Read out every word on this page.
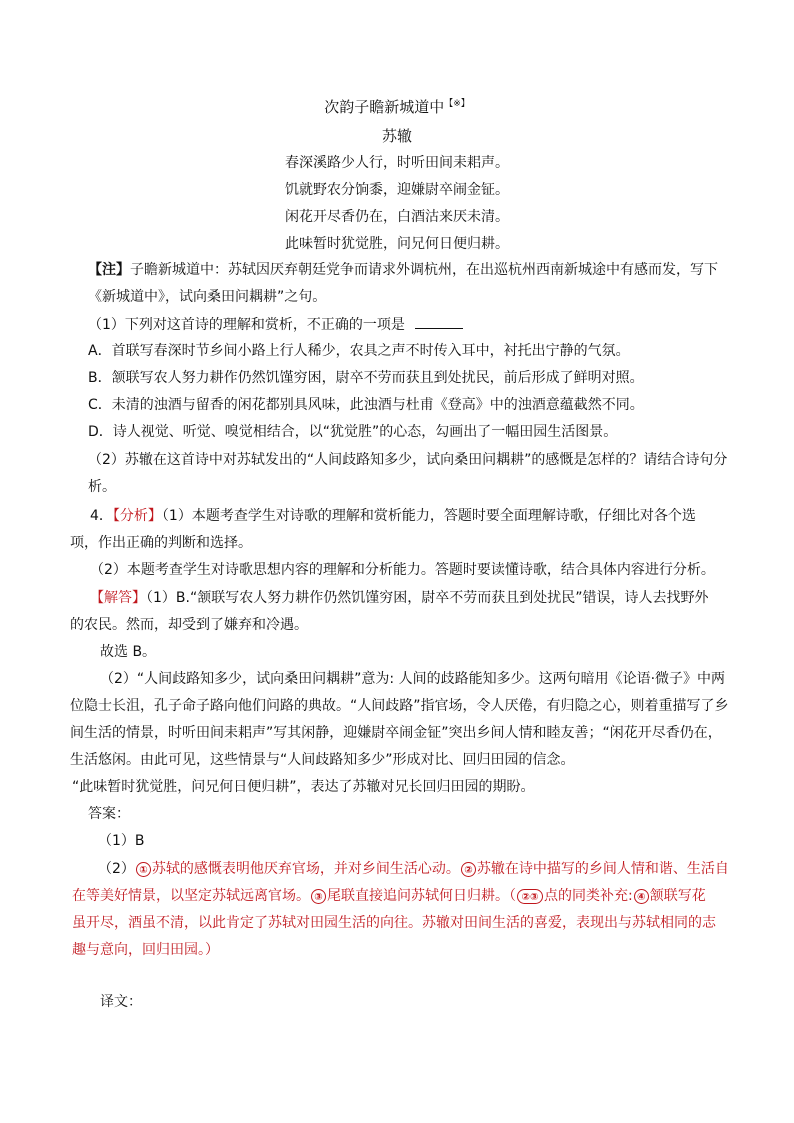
次韵子瞻新城道中【※】
苏辙
春深溪路少人行，时听田间耒耜声。
饥就野农分饷黍，迎嫌尉卒闹金钲。
闲花开尽香仍在，白酒沽来厌未清。
此味暂时犹觉胜，问兄何日便归耕。
【注】子瞻新城道中：苏轼因厌弃朝廷党争而请求外调杭州，在出巡杭州西南新城途中有感而发，写下
《新城道中》，试向桑田问耦耕”之句。
（1）下列对这首诗的理解和赏析，不正确的一项是
A．首联写春深时节乡间小路上行人稀少，农具之声不时传入耳中，衬托出宁静的气氛。
B．颔联写农人努力耕作仍然饥馑穷困，尉卒不劳而获且到处扰民，前后形成了鲜明对照。
C．未清的浊酒与留香的闲花都别具风味，此浊酒与杜甫《登高》中的浊酒意蕴截然不同。
D．诗人视觉、听觉、嗅觉相结合，以“犹觉胜”的心态，勾画出了一幅田园生活图景。
（2）苏辙在这首诗中对苏轼发出的“人间歧路知多少，试向桑田问耦耕”的感慨是怎样的？请结合诗句分
析。
4．【分析】（1）本题考查学生对诗歌的理解和赏析能力，答题时要全面理解诗歌，仔细比对各个选
项，作出正确的判断和选择。
（2）本题考查学生对诗歌思想内容的理解和分析能力。答题时要读懂诗歌，结合具体内容进行分析。
【解答】（1）B.“颔联写农人努力耕作仍然饥馑穷困，尉卒不劳而获且到处扰民”错误，诗人去找野外
的农民。然而，却受到了嫌弃和冷遇。
故选 B。
（2）“人间歧路知多少，试向桑田问耦耕”意为: 人间的歧路能知多少。这两句暗用《论语·微子》中两
位隐士长沮，孔子命子路向他们问路的典故。“人间歧路”指官场，令人厌倦，有归隐之心，则着重描写了乡
间生活的情景，时听田间耒耜声”写其闲静，迎嫌尉卒闹金钲”突出乡间人情和睦友善；“闲花开尽香仍在，
生活悠闲。由此可见，这些情景与“人间歧路知多少”形成对比、回归田园的信念。
“此味暂时犹觉胜，问兄何日便归耕”，表达了苏辙对兄长回归田园的期盼。
答案：
（1）B
（2） ① 苏轼的感慨表明他厌弃官场，并对乡间生活心动。 ② 苏辙在诗中描写的乡间人情和谐、生活自
在等美好情景，以坚定苏轼远离官场。 ③ 尾联直接追问苏轼何日归耕。（ ②③ 点的同类补充: ④ 颔联写花
虽开尽，酒虽不清，以此肯定了苏轼对田园生活的向往。苏辙对田间生活的喜爱，表现出与苏轼相同的志
趣与意向，回归田园。）
译文：
